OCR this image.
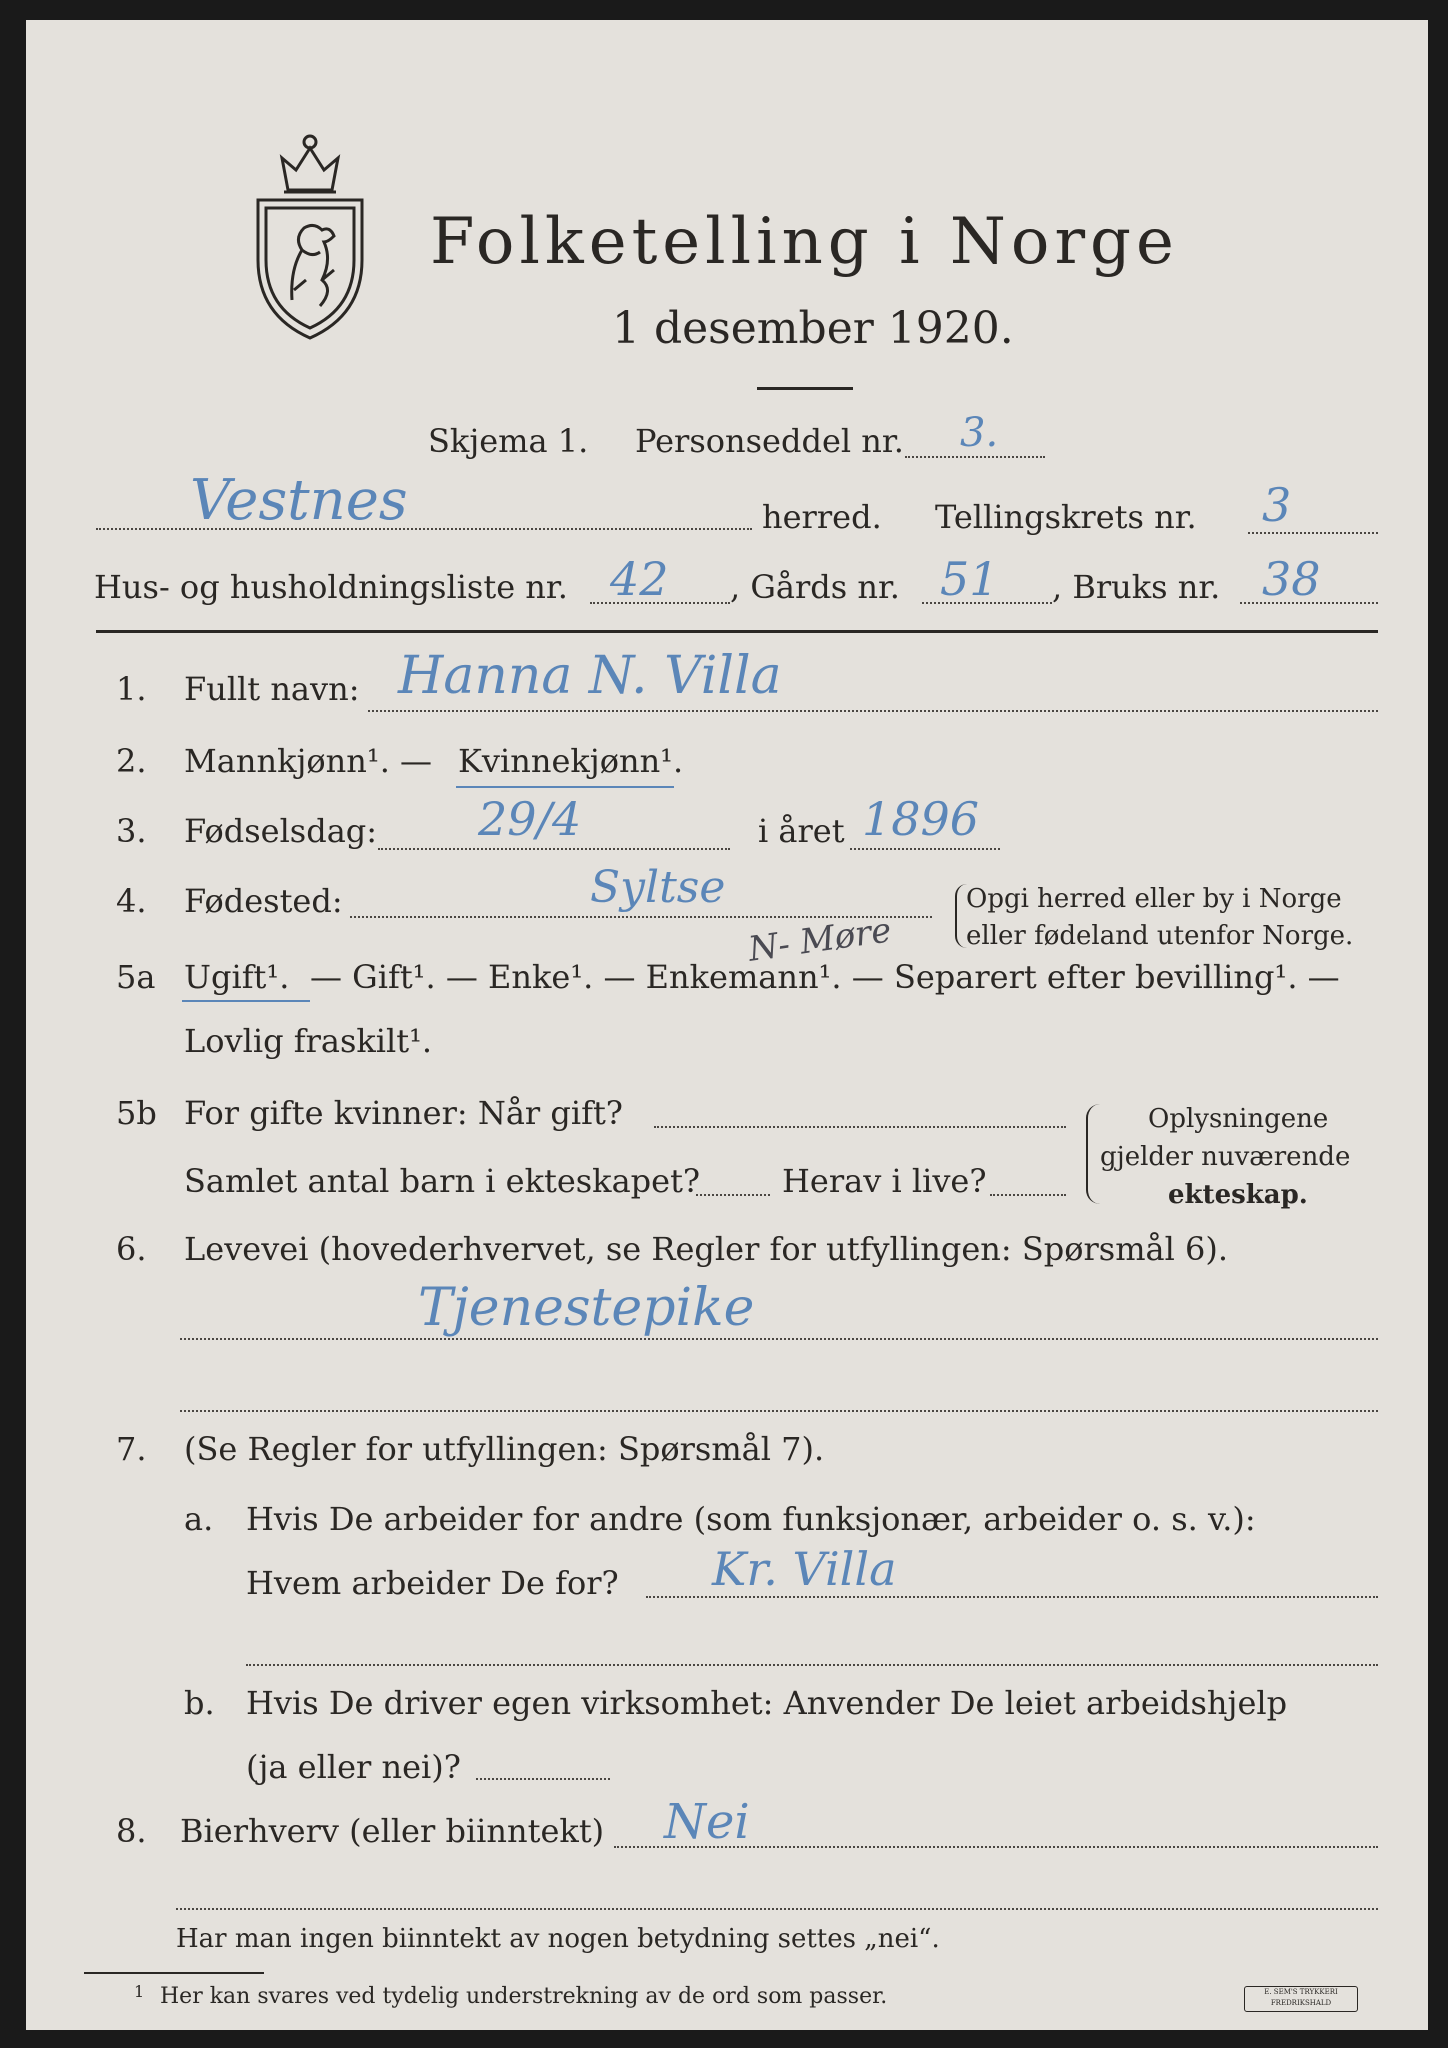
Folketelling i Norge
1 desember 1920.
Skjema 1. Personseddel nr. 3.
Vestnes	herred. Tellingskrets nr. 3
Hus- og husholdningsliste nr. 42 , Gårds nr. 51 , Bruks nr. 38
1. Fullt navn: Hanna N. Villa
2. Mannkjønn¹. — Kvinnekjønn¹.
3. Fødselsdag: 29/4	i året 1896
4. Fødested:	Syltse
N- Møre
Opgi herred eller by i Norge
eller fødeland utenfor Norge.
5a Ugift¹. — Gift¹. — Enke¹. — Enkemann¹. — Separert efter bevilling¹. —
Lovlig fraskilt¹.
5b For gifte kvinner: Når gift?
Samlet antal barn i ekteskapet?	Herav i live?
Oplysningene
gjelder nuværende
ekteskap.
6. Levevei (hovederhvervet, se Regler for utfyllingen: Spørsmål 6).
Tjenestepike
7. (Se Regler for utfyllingen: Spørsmål 7).
a. Hvis De arbeider for andre (som funksjonær, arbeider o. s. v.):
Hvem arbeider De for? Kr. Villa
b. Hvis De driver egen virksomhet: Anvender De leiet arbeidshjelp
(ja eller nei)?
8. Bierhverv (eller biinntekt) Nei
Har man ingen biinntekt av nogen betydning settes „nei“.
1 Her kan svares ved tydelig understrekning av de ord som passer.	E. SEM'S TRYKKERI FREDRIKSHALD
